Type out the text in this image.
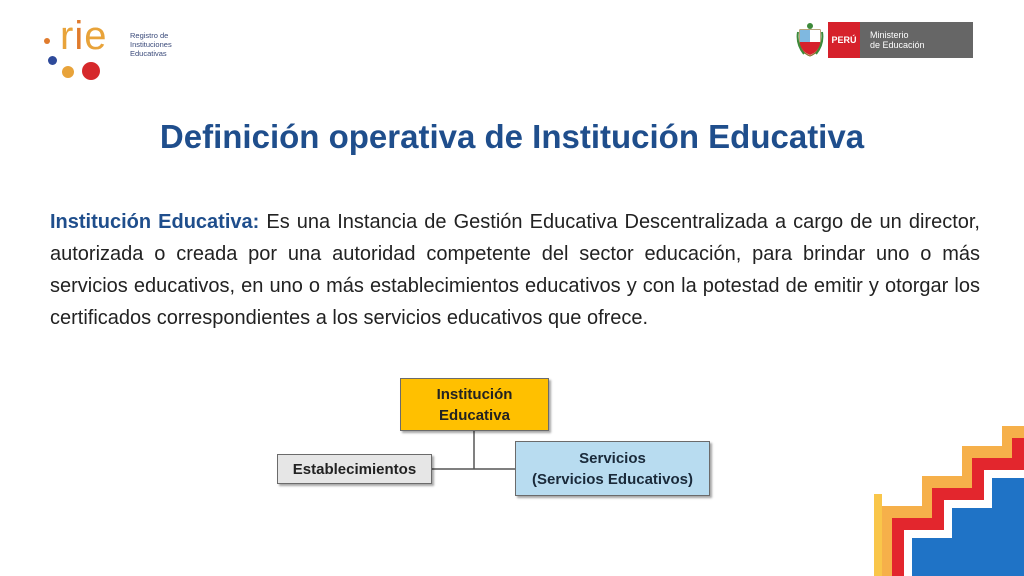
rie	Registro de
Instituciones
Educativas
PERÚ Ministerio
de Educación
Definición operativa de Institución Educativa
Institución Educativa: Es una Instancia de Gestión Educativa Descentralizada a cargo de un director, autorizada o creada por una autoridad competente del sector educación, para brindar uno o más servicios educativos, en uno o más establecimientos educativos y con la potestad de emitir y otorgar los certificados correspondientes a los servicios educativos que ofrece.
Institución
Educativa
Establecimientos
Servicios
(Servicios Educativos)
